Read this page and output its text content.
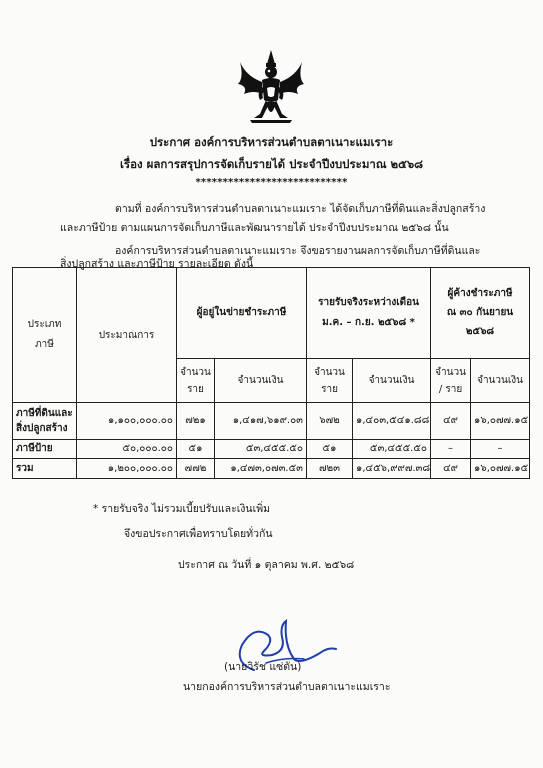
ประกาศ องค์การบริหารส่วนตำบลตาเนาะแมเราะ
เรื่อง ผลการสรุปการจัดเก็บรายได้ ประจำปีงบประมาณ ๒๕๖๘
****************************
ตามที่ องค์การบริหารส่วนตำบลตาเนาะแมเราะ ได้จัดเก็บภาษีที่ดินและสิ่งปลูกสร้าง
และภาษีป้าย ตามแผนการจัดเก็บภาษีและพัฒนารายได้ ประจำปีงบประมาณ ๒๕๖๘ นั้น
องค์การบริหารส่วนตำบลตาเนาะแมเราะ จึงขอรายงานผลการจัดเก็บภาษีที่ดินและ
สิ่งปลูกสร้าง และภาษีป้าย รายละเอียด ดังนี้
ประเภท
ภาษี	ประมาณการ	ผู้อยู่ในข่ายชำระภาษี		รายรับจริงระหว่างเดือน
ม.ค. – ก.ย. ๒๕๖๘ *		ผู้ค้างชำระภาษี
ณ ๓๐ กันยายน
๒๕๖๘	
		จำนวน
ราย	จำนวนเงิน	จำนวน
ราย	จำนวนเงิน	จำนวน
/ ราย	จำนวนเงิน
ภาษีที่ดินและ
สิ่งปลูกสร้าง	๑,๑๐๐,๐๐๐.๐๐	๗๒๑	๑,๔๑๗,๖๑๙.๐๓	๖๗๒	๑,๔๐๓,๕๔๑.๘๘	๔๙	๑๖,๐๗๗.๑๕
ภาษีป้าย	๕๐,๐๐๐.๐๐	๕๑	๕๓,๔๕๕.๕๐	๕๑	๕๓,๔๕๕.๕๐	–	–
รวม	๑,๒๐๐,๐๐๐.๐๐	๗๗๒	๑,๔๗๓,๐๗๓.๕๓	๗๒๓	๑,๔๕๖,๙๙๗.๓๘	๔๙	๑๖,๐๗๗.๑๕
* รายรับจริง ไม่รวมเบี้ยปรับและเงินเพิ่ม
จึงขอประกาศเพื่อทราบโดยทั่วกัน
ประกาศ ณ วันที่ ๑ ตุลาคม พ.ศ. ๒๕๖๘
(นายวิรัช แซ่ตัน)
นายกองค์การบริหารส่วนตำบลตาเนาะแมเราะ
